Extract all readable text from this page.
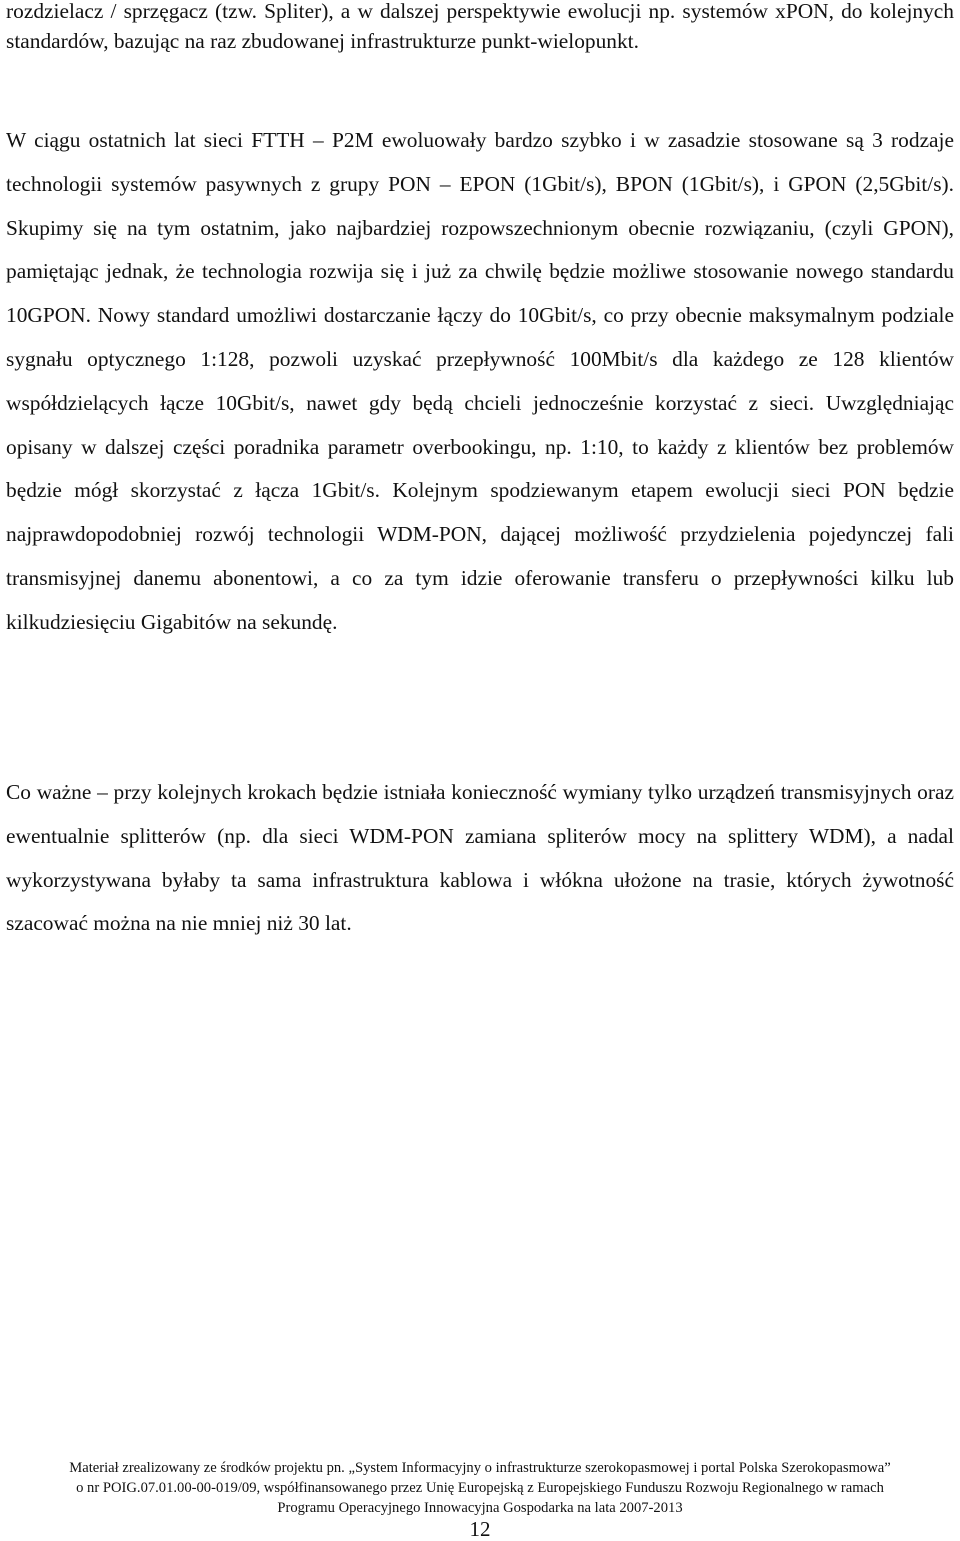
rozdzielacz / sprzęgacz (tzw. Spliter), a w dalszej perspektywie ewolucji np. systemów xPON, do kolejnych standardów, bazując na raz zbudowanej infrastrukturze punkt-wielopunkt.

W ciągu ostatnich lat sieci FTTH – P2M ewoluowały bardzo szybko i w zasadzie stosowane są 3 rodzaje technologii systemów pasywnych z grupy PON – EPON (1Gbit/s), BPON (1Gbit/s), i GPON (2,5Gbit/s). Skupimy się na tym ostatnim, jako najbardziej rozpowszechnionym obecnie rozwiązaniu, (czyli GPON), pamiętając jednak, że technologia rozwija się i już za chwilę będzie możliwe stosowanie nowego standardu 10GPON. Nowy standard umożliwi dostarczanie łączy do 10Gbit/s, co przy obecnie maksymalnym podziale sygnału optycznego 1:128, pozwoli uzyskać przepływność 100Mbit/s dla każdego ze 128 klientów współdzielących łącze 10Gbit/s, nawet gdy będą chcieli jednocześnie korzystać z sieci. Uwzględniając opisany w dalszej części poradnika parametr overbookingu, np. 1:10, to każdy z klientów bez problemów będzie mógł skorzystać z łącza 1Gbit/s. Kolejnym spodziewanym etapem ewolucji sieci PON będzie najprawdopodobniej rozwój technologii WDM-PON, dającej możliwość przydzielenia pojedynczej fali transmisyjnej danemu abonentowi, a co za tym idzie oferowanie transferu o przepływności kilku lub kilkudziesięciu Gigabitów na sekundę.

Co ważne – przy kolejnych krokach będzie istniała konieczność wymiany tylko urządzeń transmisyjnych oraz ewentualnie splitterów (np. dla sieci WDM-PON zamiana spliterów mocy na splittery WDM), a nadal wykorzystywana byłaby ta sama infrastruktura kablowa i włókna ułożone na trasie, których żywotność szacować można na nie mniej niż 30 lat.

Materiał zrealizowany ze środków projektu pn. „System Informacyjny o infrastrukturze szerokopasmowej i portal Polska Szerokopasmowa”

o nr POIG.07.01.00-00-019/09, współfinansowanego przez Unię Europejską z Europejskiego Funduszu Rozwoju Regionalnego w ramach

Programu Operacyjnego Innowacyjna Gospodarka na lata 2007-2013

12
